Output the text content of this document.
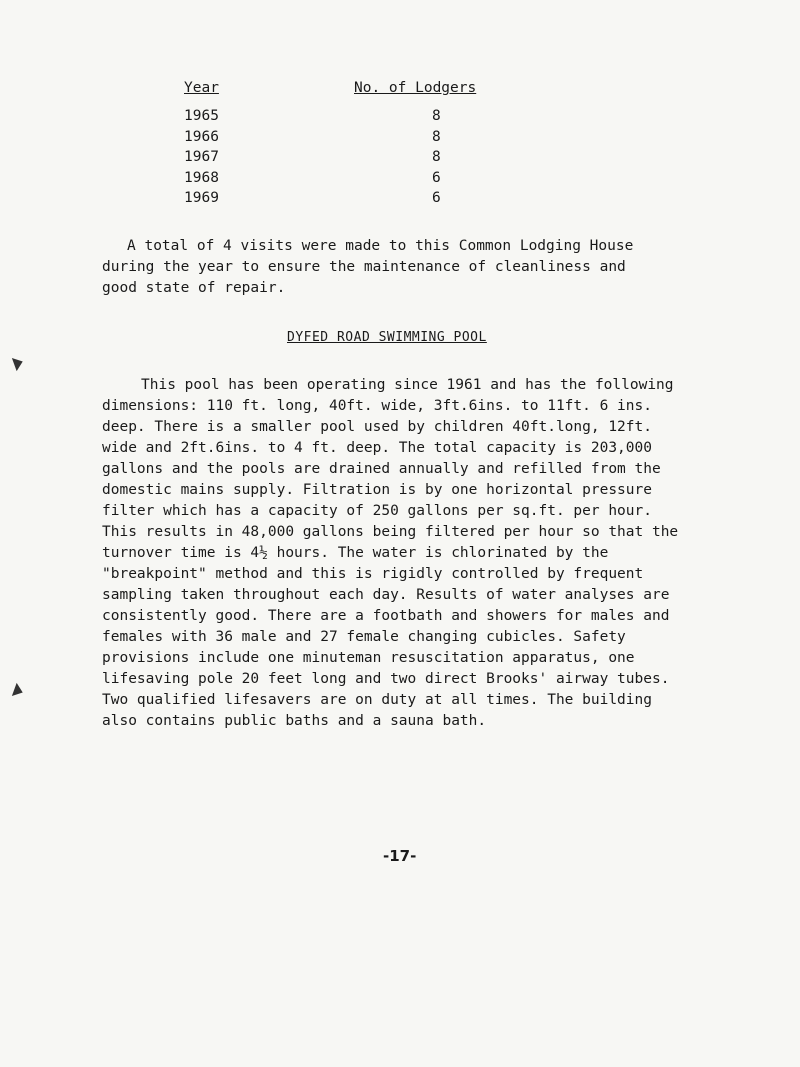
Year	No. of Lodgers
1965	8
1966	8
1967	8
1968	6
1969	6

A total of 4 visits were made to this Common Lodging House during the year to ensure the maintenance of cleanliness and good state of repair.

DYFED ROAD SWIMMING POOL

This pool has been operating since 1961 and has the following
dimensions: 110 ft. long, 40ft. wide, 3ft.6ins. to 11ft. 6 ins.
deep. There is a smaller pool used by children 40ft.long, 12ft.
wide and 2ft.6ins. to 4 ft. deep. The total capacity is 203,000
gallons and the pools are drained annually and refilled from the
domestic mains supply. Filtration is by one horizontal pressure
filter which has a capacity of 250 gallons per sq.ft. per hour.
This results in 48,000 gallons being filtered per hour so that the
turnover time is 4½ hours. The water is chlorinated by the
"breakpoint" method and this is rigidly controlled by frequent
sampling taken throughout each day. Results of water analyses are
consistently good. There are a footbath and showers for males and
females with 36 male and 27 female changing cubicles. Safety
provisions include one minuteman resuscitation apparatus, one
lifesaving pole 20 feet long and two direct Brooks' airway tubes.
Two qualified lifesavers are on duty at all times. The building
also contains public baths and a sauna bath.

-17-
